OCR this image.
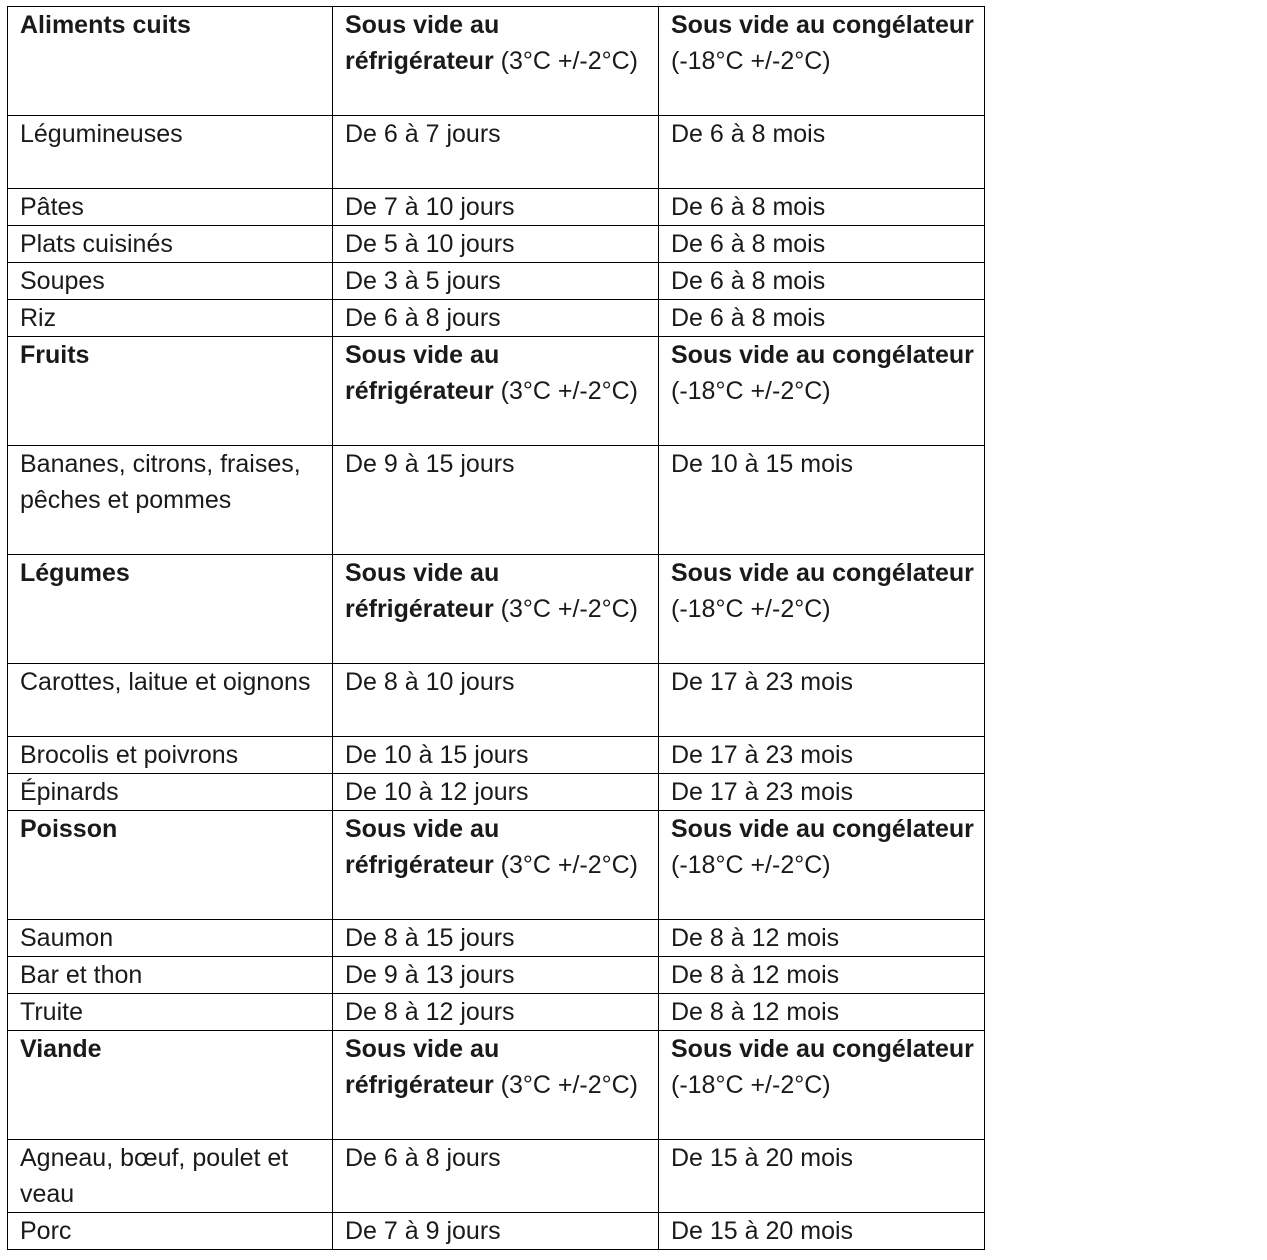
Aliments cuits	Sous vide au réfrigérateur (3°C +/-2°C)	Sous vide au congélateur (-18°C +/-2°C)
Légumineuses	De 6 à 7 jours	De 6 à 8 mois
Pâtes	De 7 à 10 jours	De 6 à 8 mois
Plats cuisinés	De 5 à 10 jours	De 6 à 8 mois
Soupes	De 3 à 5 jours	De 6 à 8 mois
Riz	De 6 à 8 jours	De 6 à 8 mois
Fruits	Sous vide au réfrigérateur (3°C +/-2°C)	Sous vide au congélateur (-18°C +/-2°C)
Bananes, citrons, fraises, pêches et pommes	De 9 à 15 jours	De 10 à 15 mois
Légumes	Sous vide au réfrigérateur (3°C +/-2°C)	Sous vide au congélateur (-18°C +/-2°C)
Carottes, laitue et oignons	De 8 à 10 jours	De 17 à 23 mois
Brocolis et poivrons	De 10 à 15 jours	De 17 à 23 mois
Épinards	De 10 à 12 jours	De 17 à 23 mois
Poisson	Sous vide au réfrigérateur (3°C +/-2°C)	Sous vide au congélateur (-18°C +/-2°C)
Saumon	De 8 à 15 jours	De 8 à 12 mois
Bar et thon	De 9 à 13 jours	De 8 à 12 mois
Truite	De 8 à 12 jours	De 8 à 12 mois
Viande	Sous vide au réfrigérateur (3°C +/-2°C)	Sous vide au congélateur (-18°C +/-2°C)
Agneau, bœuf, poulet et veau	De 6 à 8 jours	De 15 à 20 mois
Porc	De 7 à 9 jours	De 15 à 20 mois
